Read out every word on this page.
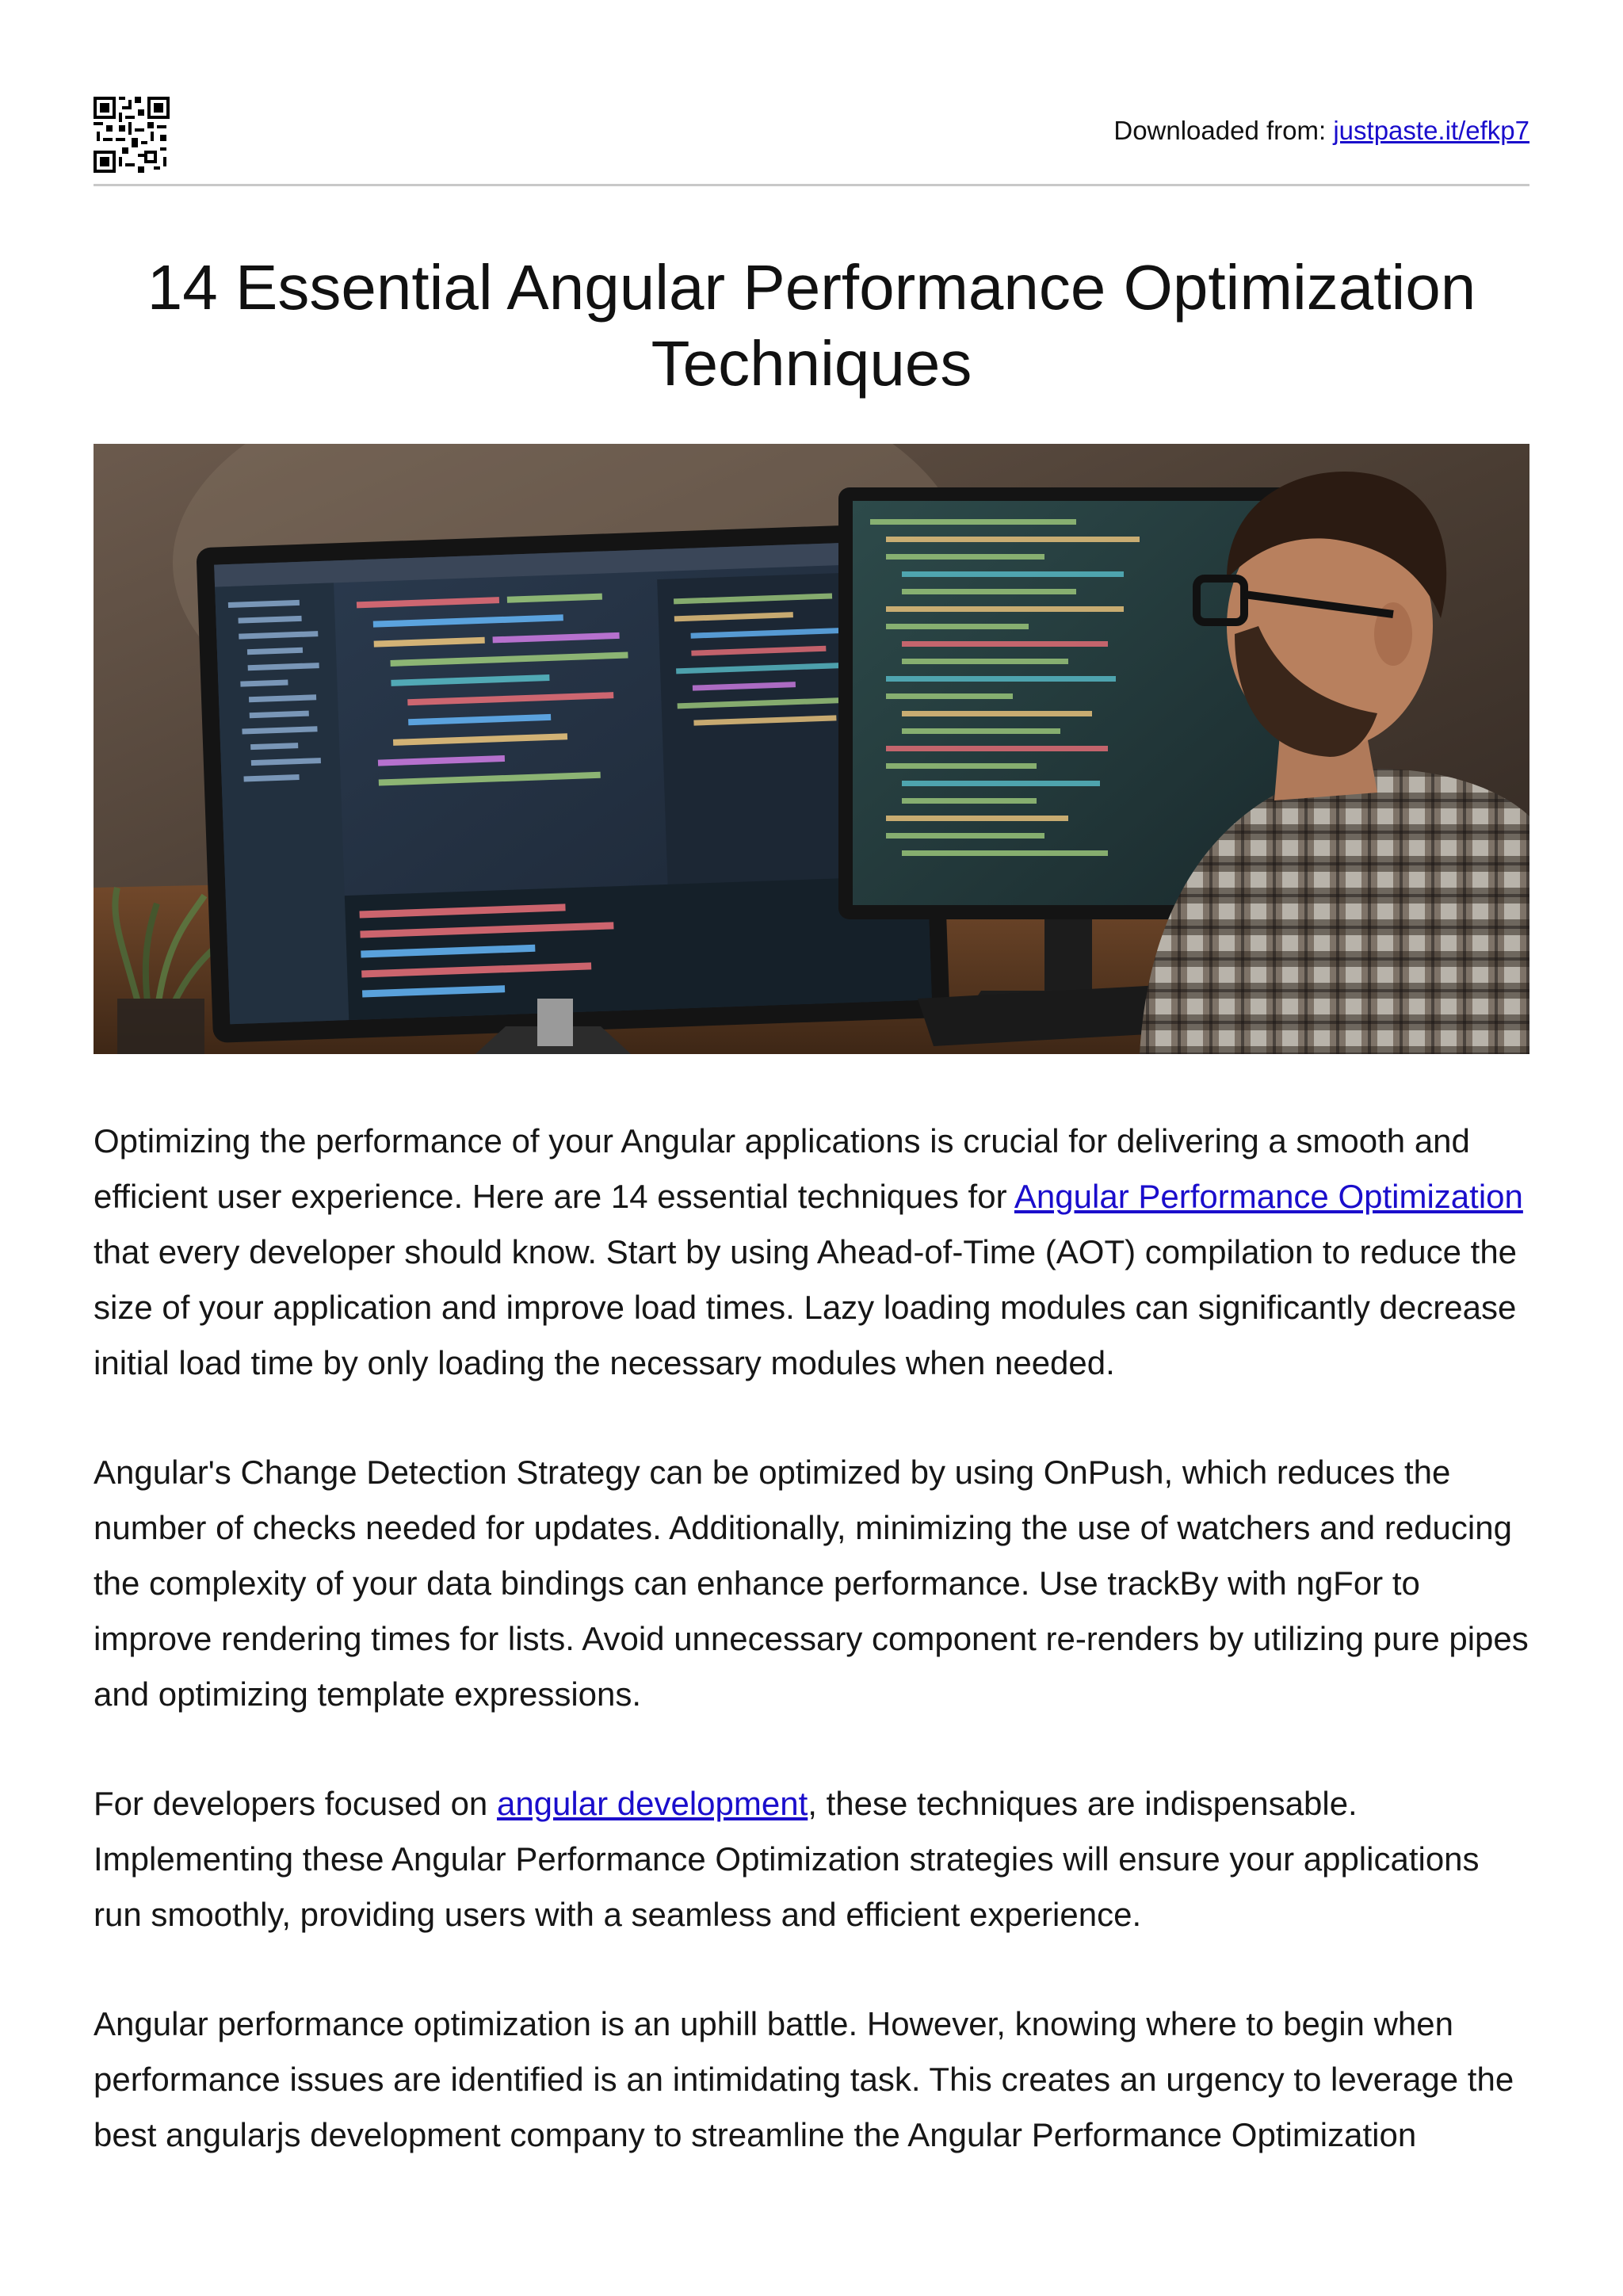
Downloaded from: justpaste.it/efkp7
14 Essential Angular Performance Optimization Techniques

Optimizing the performance of your Angular applications is crucial for delivering a smooth and efficient user experience. Here are 14 essential techniques for Angular Performance Optimization that every developer should know. Start by using Ahead-of-Time (AOT) compilation to reduce the size of your application and improve load times. Lazy loading modules can significantly decrease initial load time by only loading the necessary modules when needed.

Angular's Change Detection Strategy can be optimized by using OnPush, which reduces the number of checks needed for updates. Additionally, minimizing the use of watchers and reducing the complexity of your data bindings can enhance performance. Use trackBy with ngFor to improve rendering times for lists. Avoid unnecessary component re-renders by utilizing pure pipes and optimizing template expressions.

For developers focused on angular development, these techniques are indispensable. Implementing these Angular Performance Optimization strategies will ensure your applications run smoothly, providing users with a seamless and efficient experience.

Angular performance optimization is an uphill battle. However, knowing where to begin when performance issues are identified is an intimidating task. This creates an urgency to leverage the best angularjs development company to streamline the Angular Performance Optimization
